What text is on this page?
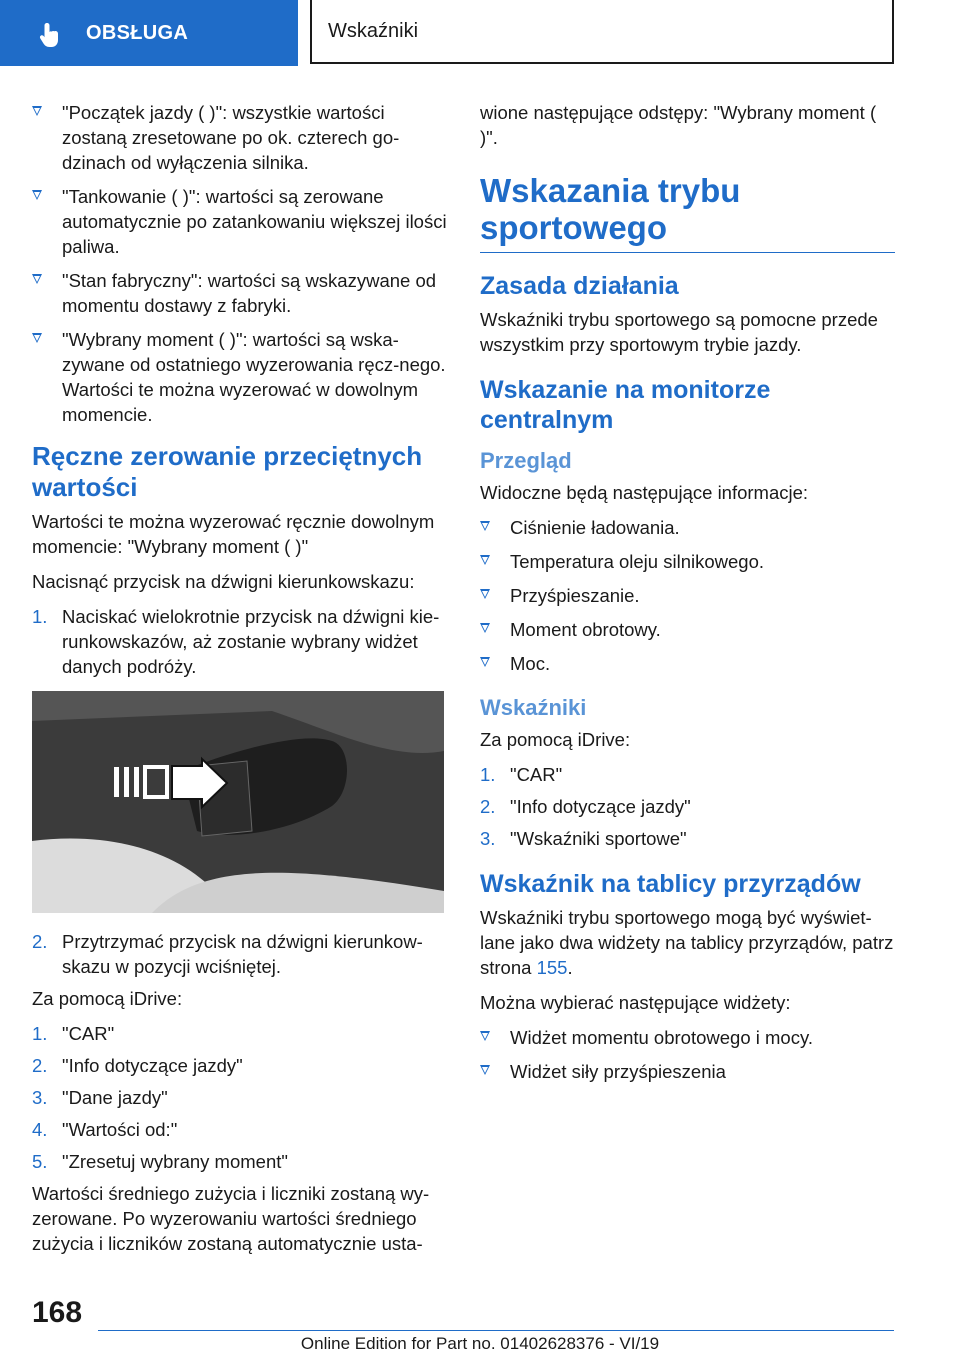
OBSŁUGA	Wskaźniki
"Początek jazdy ( )": wszystkie wartości zostaną zresetowane po ok. czterech go-dzinach od wyłączenia silnika.
"Tankowanie ( )": wartości są zerowane automatycznie po zatankowaniu większej ilości paliwa.
"Stan fabryczny": wartości są wskazywane od momentu dostawy z fabryki.
"Wybrany moment ( )": wartości są wska-zywane od ostatniego wyzerowania ręcz-nego. Wartości te można wyzerować w dowolnym momencie.
Ręczne zerowanie przeciętnych wartości

Wartości te można wyzerować ręcznie dowolnym momencie: "Wybrany moment ( )"

Nacisnąć przycisk na dźwigni kierunkowskazu:

1. Naciskać wielokrotnie przycisk na dźwigni kie-runkowskazów, aż zostanie wybrany widżet danych podróży.
2. Przytrzymać przycisk na dźwigni kierunkow-skazu w pozycji wciśniętej.

Za pomocą iDrive:

1. "CAR"
2. "Info dotyczące jazdy"
3. "Dane jazdy"
4. "Wartości od:"
5. "Zresetuj wybrany moment"

Wartości średniego zużycia i liczniki zostaną wy-zerowane. Po wyzerowaniu wartości średniego zużycia i liczników zostaną automatycznie usta-

wione następujące odstępy: "Wybrany moment ( )".

Wskazania trybu sportowego
Zasada działania

Wskaźniki trybu sportowego są pomocne przede wszystkim przy sportowym trybie jazdy.

Wskazanie na monitorze centralnym
Przegląd

Widoczne będą następujące informacje:

Ciśnienie ładowania.
Temperatura oleju silnikowego.
Przyśpieszanie.
Moment obrotowy.
Moc.
Wskaźniki

Za pomocą iDrive:

1. "CAR"
2. "Info dotyczące jazdy"
3. "Wskaźniki sportowe"
Wskaźnik na tablicy przyrządów

Wskaźniki trybu sportowego mogą być wyświet-lane jako dwa widżety na tablicy przyrządów, patrz strona 155.

Można wybierać następujące widżety:

Widżet momentu obrotowego i mocy.
Widżet siły przyśpieszenia
168
Online Edition for Part no. 01402628376 - VI/19
